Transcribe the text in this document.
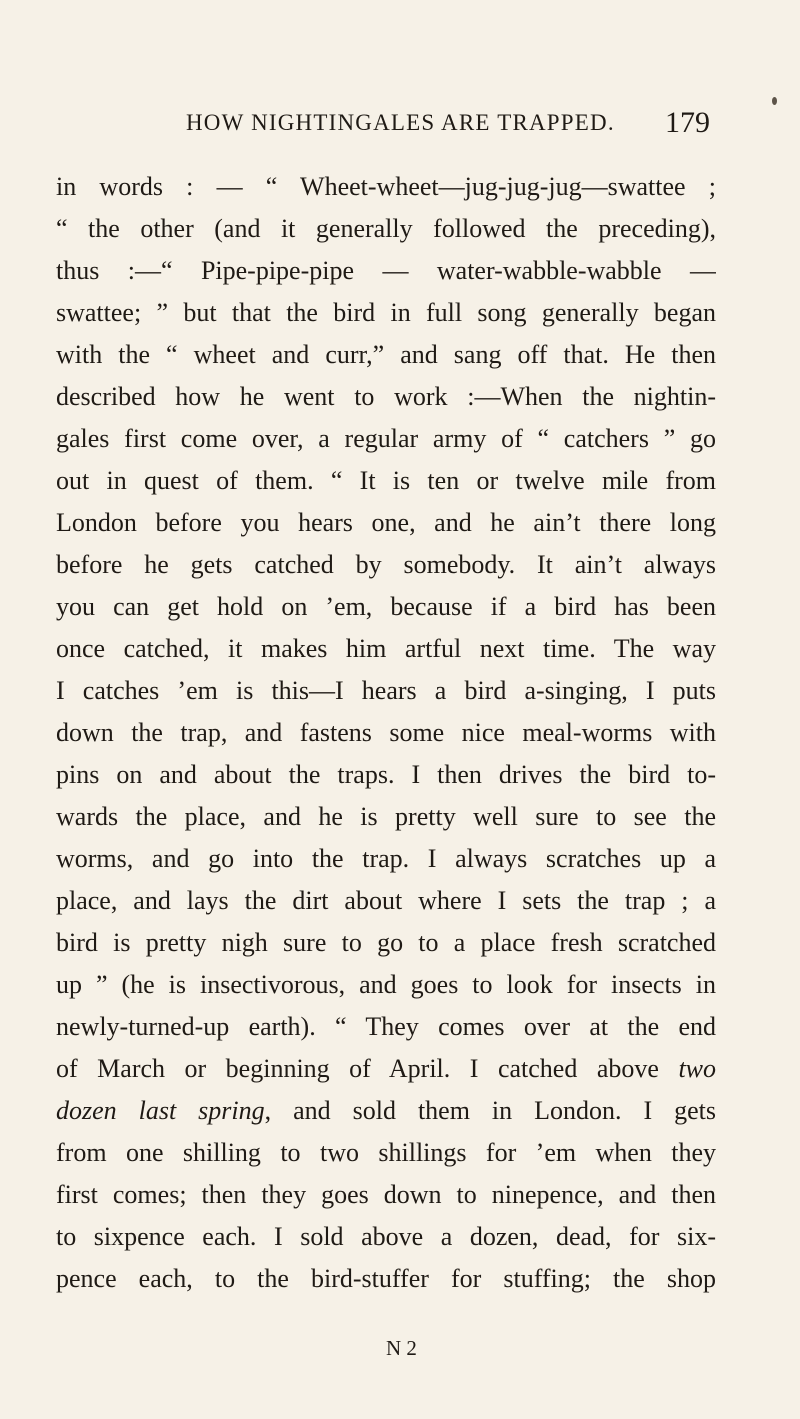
HOW NIGHTINGALES ARE TRAPPED. 179
in words : — “ Wheet-wheet—jug-jug-jug—swattee ;
“ the other (and it generally followed the preceding),
thus :—“ Pipe-pipe-pipe — water-wabble-wabble —
swattee; ” but that the bird in full song generally began
with the “ wheet and curr,” and sang off that. He then
described how he went to work :—When the nightin-
gales first come over, a regular army of “ catchers ” go
out in quest of them. “ It is ten or twelve mile from
London before you hears one, and he ain’t there long
before he gets catched by somebody. It ain’t always
you can get hold on ’em, because if a bird has been
once catched, it makes him artful next time. The way
I catches ’em is this—I hears a bird a-singing, I puts
down the trap, and fastens some nice meal-worms with
pins on and about the traps. I then drives the bird to-
wards the place, and he is pretty well sure to see the
worms, and go into the trap. I always scratches up a
place, and lays the dirt about where I sets the trap ; a
bird is pretty nigh sure to go to a place fresh scratched
up ” (he is insectivorous, and goes to look for insects in
newly-turned-up earth). “ They comes over at the end
of March or beginning of April. I catched above two
dozen last spring, and sold them in London. I gets
from one shilling to two shillings for ’em when they
first comes; then they goes down to ninepence, and then
to sixpence each. I sold above a dozen, dead, for six-
pence each, to the bird-stuffer for stuffing; the shop
N 2
